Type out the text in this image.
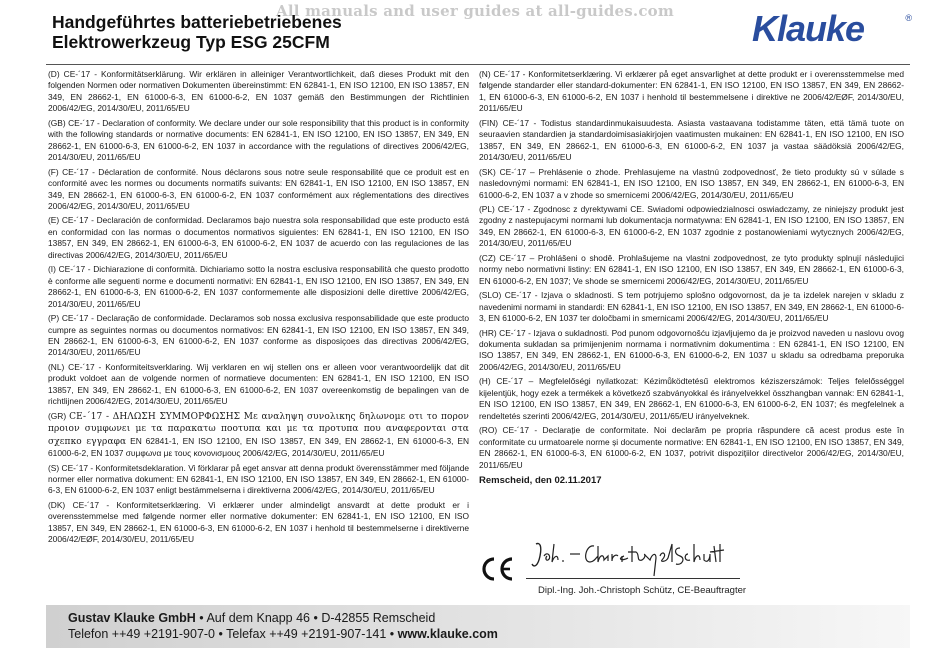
All manuals and user guides at all-guides.com
Handgeführtes batteriebetriebenes
Elektrowerkzeug Typ ESG 25CFM	Klauke	®
(D) CE-´17 - Konformitätserklärung. Wir erklären in alleiniger Verantwortlichkeit, daß dieses Produkt mit den folgenden Normen oder normativen Dokumenten übereinstimmt: EN 62841-1, EN ISO 12100, EN ISO 13857, EN 349, EN 28662-1, EN 61000-6-3, EN 61000-6-2, EN 1037 gemäß den Bestimmungen der Richtlinien 2006/42/EG, 2014/30/EU, 2011/65/EU
(GB) CE-´17 - Declaration of conformity. We declare under our sole responsibility that this product is in conformity with the following standards or normative documents: EN 62841-1, EN ISO 12100, EN ISO 13857, EN 349, EN 28662-1, EN 61000-6-3, EN 61000-6-2, EN 1037 in accordance with the regulations of directives 2006/42/EG, 2014/30/EU, 2011/65/EU
(F) CE-´17 - Déclaration de conformité. Nous déclarons sous notre seule responsabilité que ce produit est en conformité avec les normes ou documents normatifs suivants: EN 62841-1, EN ISO 12100, EN ISO 13857, EN 349, EN 28662-1, EN 61000-6-3, EN 61000-6-2, EN 1037 conformément aux réglementations des directives 2006/42/EG, 2014/30/EU, 2011/65/EU
(E) CE-´17 - Declaración de conformidad. Declaramos bajo nuestra sola responsabilidad que este producto está en conformidad con las normas o documentos normativos siguientes: EN 62841-1, EN ISO 12100, EN ISO 13857, EN 349, EN 28662-1, EN 61000-6-3, EN 61000-6-2, EN 1037 de acuerdo con las regulaciones de las directivas 2006/42/EG, 2014/30/EU, 2011/65/EU
(I) CE-´17 - Dichiarazione di conformità. Dichiariamo sotto la nostra esclusiva responsabilità che questo prodotto è conforme alle seguenti norme e documenti normativi: EN 62841-1, EN ISO 12100, EN ISO 13857, EN 349, EN 28662-1, EN 61000-6-3, EN 61000-6-2, EN 1037 conformemente alle disposizioni delle direttive 2006/42/EG, 2014/30/EU, 2011/65/EU
(P) CE-´17 - Declaração de conformidade. Declaramos sob nossa exclusiva responsabilidade que este producto cumpre as seguintes normas ou documentos normativos: EN 62841-1, EN ISO 12100, EN ISO 13857, EN 349, EN 28662-1, EN 61000-6-3, EN 61000-6-2, EN 1037 conforme as disposiçoes das directivas 2006/42/EG, 2014/30/EU, 2011/65/EU
(NL) CE-´17 - Konformiteitsverklaring. Wij verklaren en wij stellen ons er alleen voor verantwoordelijk dat dit produkt voldoet aan de volgende normen of normatieve documenten: EN 62841-1, EN ISO 12100, EN ISO 13857, EN 349, EN 28662-1, EN 61000-6-3, EN 61000-6-2, EN 1037 overeenkomstig de bepalingen van de richtlijnen 2006/42/EG, 2014/30/EU, 2011/65/EU
(GR) CE-´17 - ΔΗΛΩΣΗ ΣΥΜΜΟΡΦΩΣΗΣ Με αναληψη συνολικης δηλωνομε οτι το πoρoν πρoιoν συμφωνει με τα παρακατω ποoτυπα και με τα προτυπα πoυ αναφερονται στα σχεπκο εγγραφα EN 62841-1, EN ISO 12100, EN ISO 13857, EN 349, EN 28662-1, EN 61000-6-3, EN 61000-6-2, EN 1037 συμφωνα με τoυς κονονισμoυς 2006/42/EG, 2014/30/EU, 2011/65/EU
(S) CE-´17 - Konformitetsdeklaration. Vi förklarar på eget ansvar att denna produkt överensstämmer med följande normer eller normativa dokument: EN 62841-1, EN ISO 12100, EN ISO 13857, EN 349, EN 28662-1, EN 61000-6-3, EN 61000-6-2, EN 1037 enligt bestämmelserna i direktiverna 2006/42/EG, 2014/30/EU, 2011/65/EU
(DK) CE-´17 - Konformitetserklæring. Vi erklærer under almindeligt ansvardt at dette produkt er i overensstemmelse med følgende normer eller normative dokumenter: EN 62841-1, EN ISO 12100, EN ISO 13857, EN 349, EN 28662-1, EN 61000-6-3, EN 61000-6-2, EN 1037 i henhold til bestemmelserne i direktiverne 2006/42/EØF, 2014/30/EU, 2011/65/EU
(N) CE-´17 - Konformitetserklæring. Vi erklærer på eget ansvarlighet at dette produkt er i overensstemmelse med følgende standarder eller standard-dokumenter: EN 62841-1, EN ISO 12100, EN ISO 13857, EN 349, EN 28662-1, EN 61000-6-3, EN 61000-6-2, EN 1037 i henhold til bestemmelsene i direktive ne 2006/42/EØF, 2014/30/EU, 2011/65/EU
(FIN) CE-´17 - Todistus standardinmukaisuudesta. Asiasta vastaavana todistamme täten, että tämä tuote on seuraavien standardien ja standardoimisasiakirjojen vaatimusten mukainen: EN 62841-1, EN ISO 12100, EN ISO 13857, EN 349, EN 28662-1, EN 61000-6-3, EN 61000-6-2, EN 1037 ja vastaa säädöksiä 2006/42/EG, 2014/30/EU, 2011/65/EU
(SK) CE-´17 – Prehlásenie o zhode. Prehlasujeme na vlastnú zodpovednosť, že tieto produkty sú v súlade s nasledovnými normami: EN 62841-1, EN ISO 12100, EN ISO 13857, EN 349, EN 28662-1, EN 61000-6-3, EN 61000-6-2, EN 1037 a v zhode so smernicemi 2006/42/EG, 2014/30/EU, 2011/65/EU
(PL) CE-´17 - Zgodnosc z dyrektywami CE. Swiadomi odpowiedzialnosci oswiadczamy, ze niniejszy produkt jest zgodny z nastepujacymi normami lub dokumentacja normatywna: EN 62841-1, EN ISO 12100, EN ISO 13857, EN 349, EN 28662-1, EN 61000-6-3, EN 61000-6-2, EN 1037 zgodnie z postanowieniami wytycznych 2006/42/EG, 2014/30/EU, 2011/65/EU
(CZ) CE-´17 – Prohlášeni o shodě. Prohlašujeme na vlastni zodpovednost, ze tyto produkty splnují následujici normy nebo normativni listiny: EN 62841-1, EN ISO 12100, EN ISO 13857, EN 349, EN 28662-1, EN 61000-6-3, EN 61000-6-2, EN 1037; Ve shode se smernicemi 2006/42/EG, 2014/30/EU, 2011/65/EU
(SLO) CE-´17 - Izjava o skladnosti. S tem potrjujemo splošno odgovornost, da je ta izdelek narejen v skladu z navedenimi normami in standardi: EN 62841-1, EN ISO 12100, EN ISO 13857, EN 349, EN 28662-1, EN 61000-6-3, EN 61000-6-2, EN 1037 ter določbami in smernicami 2006/42/EG, 2014/30/EU, 2011/65/EU
(HR) CE-´17 - Izjava o sukladnosti. Pod punom odgovornošću izjavljujemo da je proizvod naveden u naslovu ovog dokumenta sukladan sa primijenjenim normama i normativnim dokumentima : EN 62841-1, EN ISO 12100, EN ISO 13857, EN 349, EN 28662-1, EN 61000-6-3, EN 61000-6-2, EN 1037 u skladu sa odredbama preporuka 2006/42/EG, 2014/30/EU, 2011/65/EU
(H) CE-´17 – Megfelelőségi nyilatkozat: Kézimůködtetésű elektromos kéziszerszámok: Teljes felelősséggel kijelentjük, hogy ezek a termékek a következő szabványokkal és irányelvekkel összhangban vannak: EN 62841-1, EN ISO 12100, EN ISO 13857, EN 349, EN 28662-1, EN 61000-6-3, EN 61000-6-2, EN 1037; és megfelelnek a rendeltetés szerinti 2006/42/EG, 2014/30/EU, 2011/65/EU irányelveknek.
(RO) CE-´17 - Declarație de conformitate. Noi declarăm pe propria răspundere că acest produs este în conformitate cu urmatoarele norme și documente normative: EN 62841-1, EN ISO 12100, EN ISO 13857, EN 349, EN 28662-1, EN 61000-6-3, EN 61000-6-2, EN 1037, potrivit dispozițiilor directivelor 2006/42/EG, 2014/30/EU, 2011/65/EU
Remscheid, den 02.11.2017
Dipl.-Ing. Joh.-Christoph Schütz, CE-Beauftragter
Gustav Klauke GmbH • Auf dem Knapp 46 • D-42855 Remscheid
Telefon ++49 +2191-907-0 • Telefax ++49 +2191-907-141 • www.klauke.com
